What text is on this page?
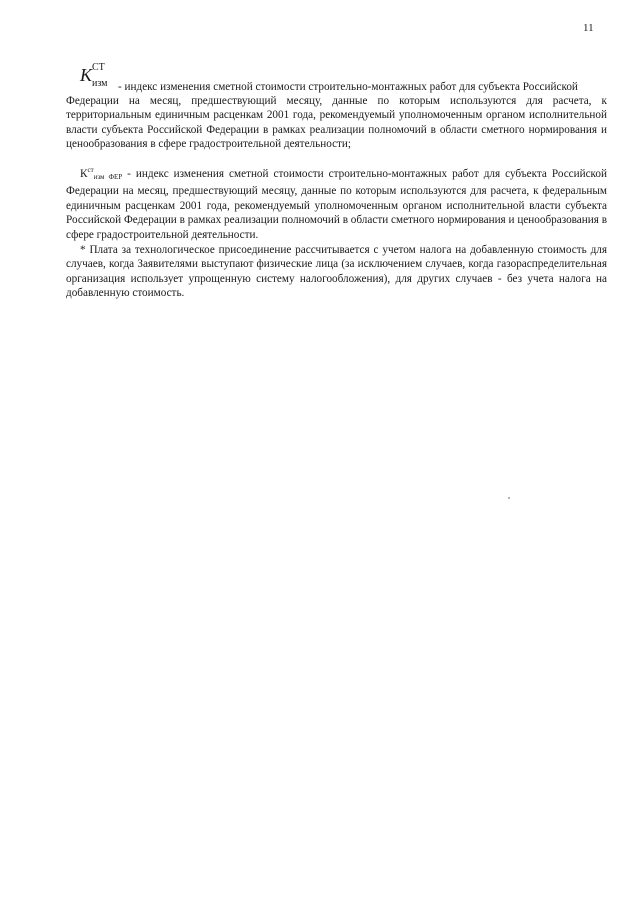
11
K СТ
изм - индекс изменения сметной стоимости строительно-монтажных работ для субъекта Российской
Федерации на месяц, предшествующий месяцу, данные по которым используются для расчета, к территориальным единичным расценкам 2001 года, рекомендуемый уполномоченным органом исполнительной власти субъекта Российской Федерации в рамках реализации полномочий в области сметного нормирования и ценообразования в сфере градостроительной деятельности;
$К^{ст}изм$ ФЕР - индекс изменения сметной стоимости строительно-монтажных работ для субъекта Российской Федерации на месяц, предшествующий месяцу, данные по которым используются для расчета, к федеральным единичным расценкам 2001 года, рекомендуемый уполномоченным органом исполнительной власти субъекта Российской Федерации в рамках реализации полномочий в области сметного нормирования и ценообразования в сфере градостроительной деятельности.
* Плата за технологическое присоединение рассчитывается с учетом налога на добавленную стоимость для случаев, когда Заявителями выступают физические лица (за исключением случаев, когда газораспределительная организация использует упрощенную систему налогообложения), для других случаев - без учета налога на добавленную стоимость.
